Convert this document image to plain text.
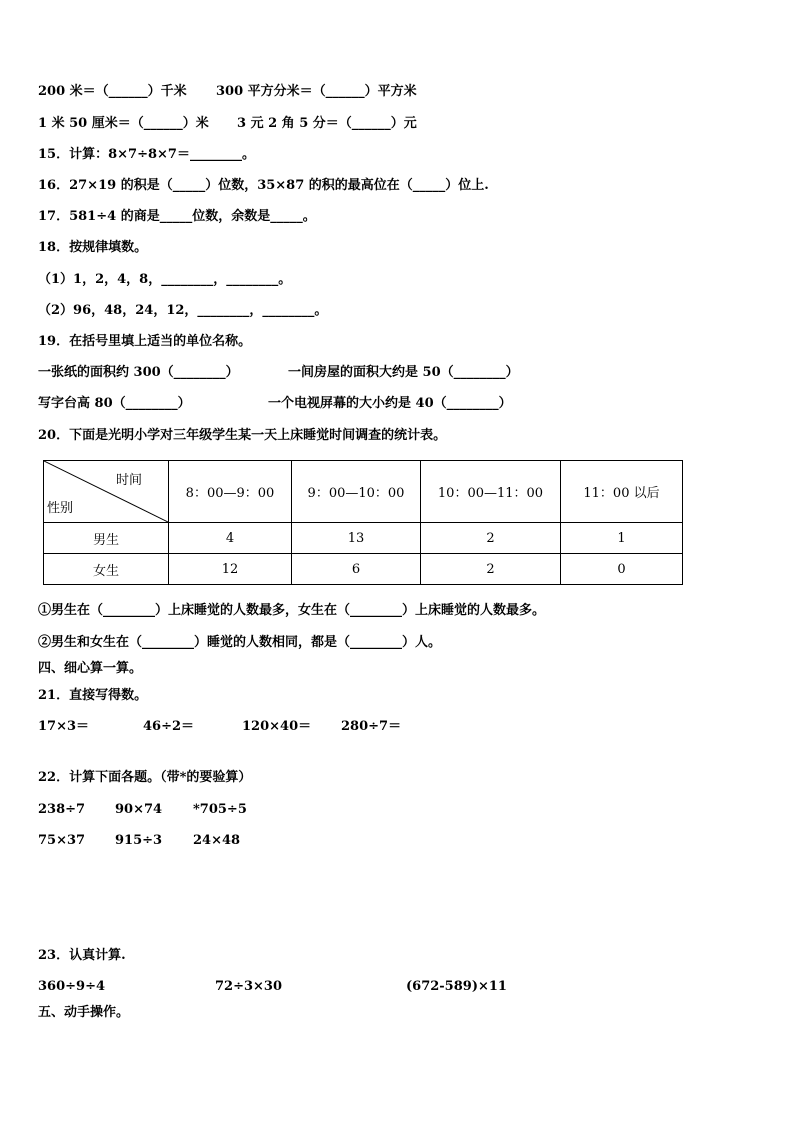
200 米＝（______）千米 300 平方分米＝（______）平方米
1 米 50 厘米＝（______）米 3 元 2 角 5 分＝（______）元
15．计算：8×7÷8×7＝________。
16．27×19 的积是（_____）位数，35×87 的积的最高位在（_____）位上.
17．581÷4 的商是_____位数，余数是_____。
18．按规律填数。
（1）1，2，4，8，________，________。
（2）96，48，24，12，________，________。
19．在括号里填上适当的单位名称。
一张纸的面积约 300（________）	一间房屋的面积大约是 50（________）
写字台高 80（________）	一个电视屏幕的大小约是 40（________）
20．下面是光明小学对三年级学生某一天上床睡觉时间调查的统计表。
时间
性别	8：00—9：00	9：00—10：00	10：00—11：00	11：00 以后
男生	4	13	2	1
女生	12	6	2	0
①男生在（________）上床睡觉的人数最多，女生在（________）上床睡觉的人数最多。
②男生和女生在（________）睡觉的人数相同，都是（________）人。
四、细心算一算。
21．直接写得数。
17×3＝	46÷2＝	120×40＝ 280÷7＝
22．计算下面各题。（带*的要验算）
238÷7 90×74 *705÷5
75×37 915÷3 24×48
23．认真计算.
360÷9÷4	72÷3×30	(672-589)×11
五、动手操作。
